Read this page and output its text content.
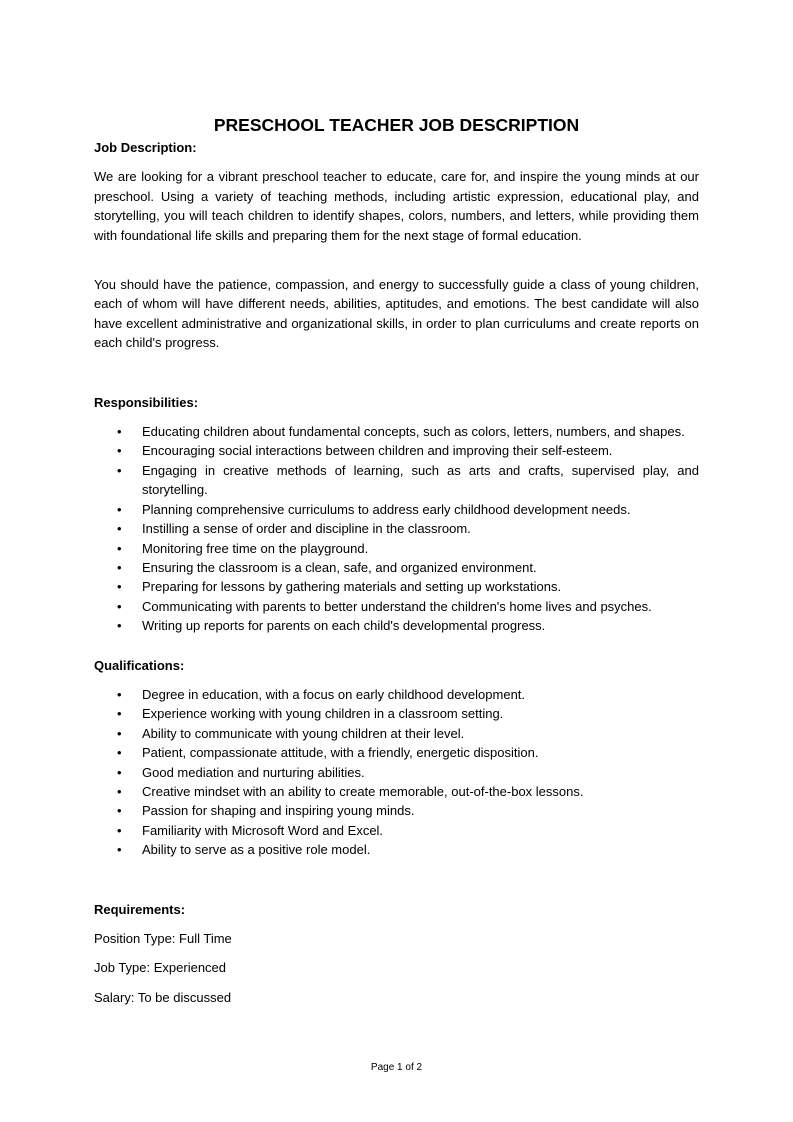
PRESCHOOL TEACHER JOB DESCRIPTION

Job Description:

We are looking for a vibrant preschool teacher to educate, care for, and inspire the young minds at our preschool. Using a variety of teaching methods, including artistic expression, educational play, and storytelling, you will teach children to identify shapes, colors, numbers, and letters, while providing them with foundational life skills and preparing them for the next stage of formal education.

You should have the patience, compassion, and energy to successfully guide a class of young children, each of whom will have different needs, abilities, aptitudes, and emotions. The best candidate will also have excellent administrative and organizational skills, in order to plan curriculums and create reports on each child's progress.

Responsibilities:

• Educating children about fundamental concepts, such as colors, letters, numbers, and shapes.
• Encouraging social interactions between children and improving their self-esteem.
• Engaging in creative methods of learning, such as arts and crafts, supervised play, and storytelling.
• Planning comprehensive curriculums to address early childhood development needs.
• Instilling a sense of order and discipline in the classroom.
• Monitoring free time on the playground.
• Ensuring the classroom is a clean, safe, and organized environment.
• Preparing for lessons by gathering materials and setting up workstations.
• Communicating with parents to better understand the children's home lives and psyches.
• Writing up reports for parents on each child's developmental progress.

Qualifications:

• Degree in education, with a focus on early childhood development.
• Experience working with young children in a classroom setting.
• Ability to communicate with young children at their level.
• Patient, compassionate attitude, with a friendly, energetic disposition.
• Good mediation and nurturing abilities.
• Creative mindset with an ability to create memorable, out-of-the-box lessons.
• Passion for shaping and inspiring young minds.
• Familiarity with Microsoft Word and Excel.
• Ability to serve as a positive role model.

Requirements:

Position Type: Full Time

Job Type: Experienced

Salary: To be discussed

Page 1 of 2
